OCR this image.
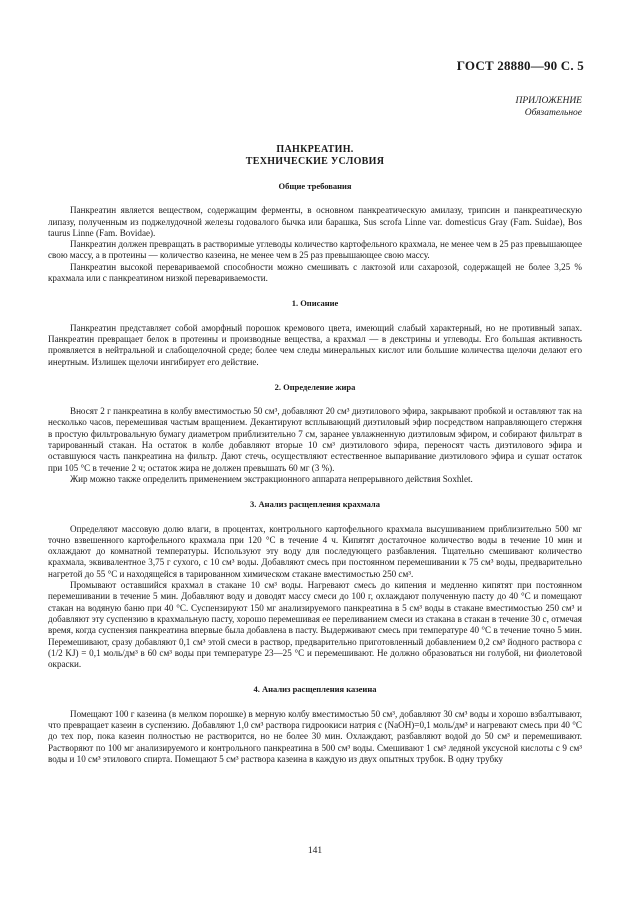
ГОСТ 28880—90 С. 5
ПРИЛОЖЕНИЕ
Обязательное
ПАНКРЕАТИН.
ТЕХНИЧЕСКИЕ УСЛОВИЯ
Общие требования

Панкреатин является веществом, содержащим ферменты, в основном панкреатическую амилазу, трипсин и панкреатическую липазу, полученным из поджелудочной железы годовалого бычка или барашка, Sus scrofa Linne var. domesticus Gray (Fam. Suidae), Bos taurus Linne (Fam. Bovidae).

Панкреатин должен превращать в растворимые углеводы количество картофельного крахмала, не менее чем в 25 раз превышающее свою массу, а в протеины — количество казеина, не менее чем в 25 раз превышающее свою массу.

Панкреатин высокой перевариваемой способности можно смешивать с лактозой или сахарозой, содержащей не более 3,25 % крахмала или с панкреатином низкой перевариваемости.

1. Описание

Панкреатин представляет собой аморфный порошок кремового цвета, имеющий слабый характерный, но не противный запах. Панкреатин превращает белок в протеины и производные вещества, а крахмал — в декстрины и углеводы. Его большая активность проявляется в нейтральной и слабощелочной среде; более чем следы минеральных кислот или большие количества щелочи делают его инертным. Излишек щелочи ингибирует его действие.

2. Определение жира

Вносят 2 г панкреатина в колбу вместимостью 50 см³, добавляют 20 см³ диэтилового эфира, закрывают пробкой и оставляют так на несколько часов, перемешивая частым вращением. Декантируют всплывающий диэтиловый эфир посредством направляющего стержня в простую фильтровальную бумагу диаметром приблизительно 7 см, заранее увлажненную диэтиловым эфиром, и собирают фильтрат в тарированный стакан. На остаток в колбе добавляют вторые 10 см³ диэтилового эфира, переносят часть диэтилового эфира и оставшуюся часть панкреатина на фильтр. Дают стечь, осуществляют естественное выпаривание диэтилового эфира и сушат остаток при 105 °С в течение 2 ч; остаток жира не должен превышать 60 мг (3 %).

Жир можно также определить применением экстракционного аппарата непрерывного действия Soxhlet.

3. Анализ расщепления крахмала

Определяют массовую долю влаги, в процентах, контрольного картофельного крахмала высушиванием приблизительно 500 мг точно взвешенного картофельного крахмала при 120 °С в течение 4 ч. Кипятят достаточное количество воды в течение 10 мин и охлаждают до комнатной температуры. Используют эту воду для последующего разбавления. Тщательно смешивают количество крахмала, эквивалентное 3,75 г сухого, с 10 см³ воды. Добавляют смесь при постоянном перемешивании к 75 см³ воды, предварительно нагретой до 55 °С и находящейся в тарированном химическом стакане вместимостью 250 см³.

Промывают оставшийся крахмал в стакане 10 см³ воды. Нагревают смесь до кипения и медленно кипятят при постоянном перемешивании в течение 5 мин. Добавляют воду и доводят массу смеси до 100 г, охлаждают полученную пасту до 40 °С и помещают стакан на водяную баню при 40 °С. Суспензируют 150 мг анализируемого панкреатина в 5 см³ воды в стакане вместимостью 250 см³ и добавляют эту суспензию в крахмальную пасту, хорошо перемешивая ее переливанием смеси из стакана в стакан в течение 30 с, отмечая время, когда суспензия панкреатина впервые была добавлена в пасту. Выдерживают смесь при температуре 40 °С в течение точно 5 мин. Перемешивают, сразу добавляют 0,1 см³ этой смеси в раствор, предварительно приготовленный добавлением 0,2 см³ йодного раствора с (1/2 KJ) = 0,1 моль/дм³ в 60 см³ воды при температуре 23—25 °С и перемешивают. Не должно образоваться ни голубой, ни фиолетовой окраски.

4. Анализ расщепления казеина

Помещают 100 г казеина (в мелком порошке) в мерную колбу вместимостью 50 см³, добавляют 30 см³ воды и хорошо взбалтывают, что превращает казеин в суспензию. Добавляют 1,0 см³ раствора гидроокиси натрия с (NaOH)=0,1 моль/дм³ и нагревают смесь при 40 °С до тех пор, пока казеин полностью не растворится, но не более 30 мин. Охлаждают, разбавляют водой до 50 см³ и перемешивают. Растворяют по 100 мг анализируемого и контрольного панкреатина в 500 см³ воды. Смешивают 1 см³ ледяной уксусной кислоты с 9 см³ воды и 10 см³ этилового спирта. Помещают 5 см³ раствора казеина в каждую из двух опытных трубок. В одну трубку

141
